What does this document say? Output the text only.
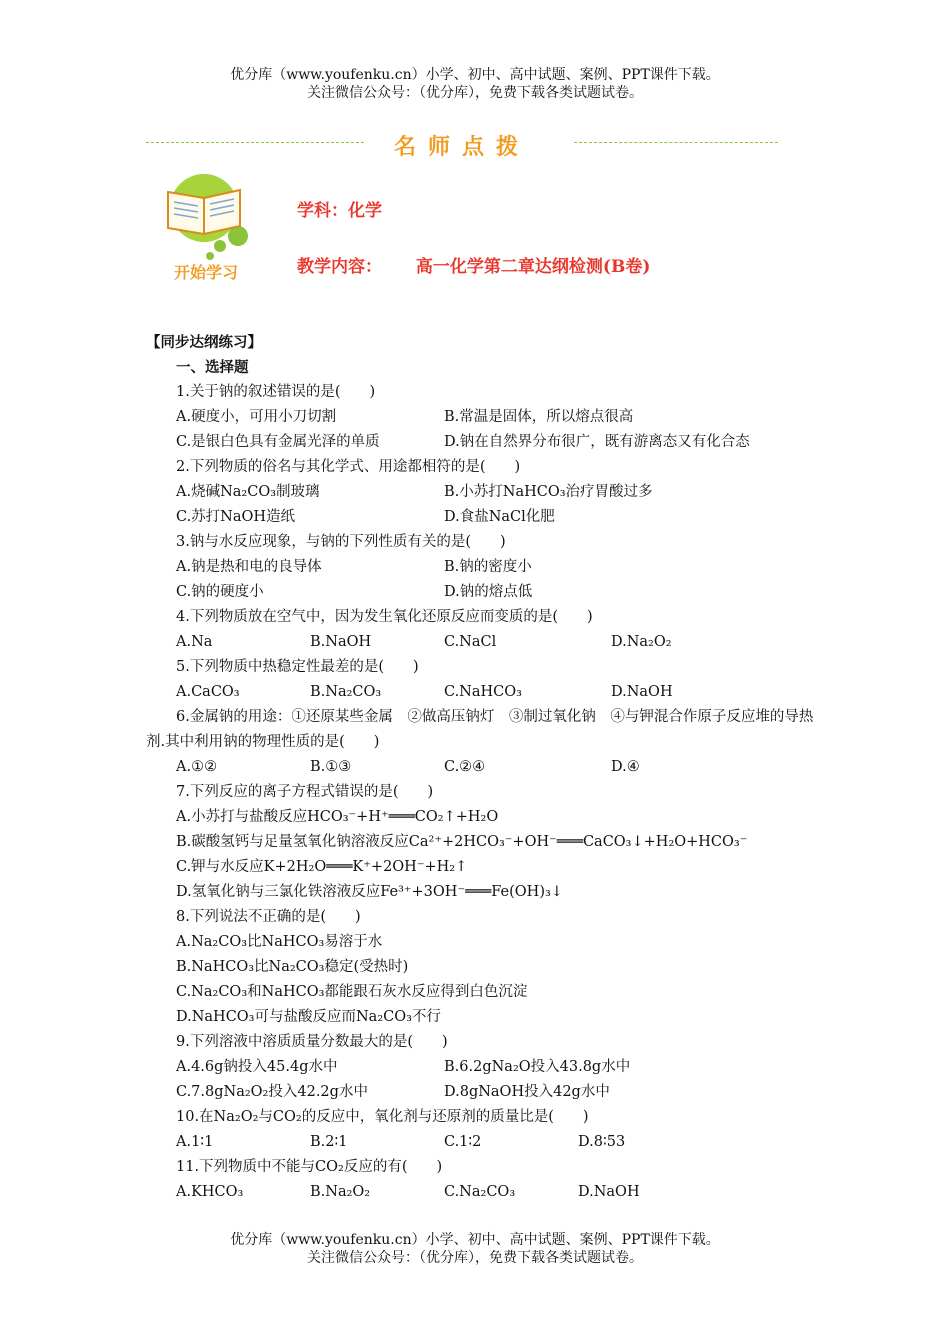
优分库（www.youfenku.cn）小学、初中、高中试题、案例、PPT课件下载。
关注微信公众号：（优分库），免费下载各类试题试卷。
名师点拨
开始学习
学科：化学
教学内容： 高一化学第二章达纲检测(B卷)
【同步达纲练习】
一、选择题
1.关于钠的叙述错误的是(　　)
A.硬度小，可用小刀切割	B.常温是固体，所以熔点很高
C.是银白色具有金属光泽的单质	D.钠在自然界分布很广，既有游离态又有化合态
2.下列物质的俗名与其化学式、用途都相符的是(　　)
A.烧碱Na₂CO₃制玻璃	B.小苏打NaHCO₃治疗胃酸过多
C.苏打NaOH造纸	D.食盐NaCl化肥
3.钠与水反应现象，与钠的下列性质有关的是(　　)
A.钠是热和电的良导体	B.钠的密度小
C.钠的硬度小	D.钠的熔点低
4.下列物质放在空气中，因为发生氧化还原反应而变质的是(　　)
A.Na	B.NaOH	C.NaCl	D.Na₂O₂
5.下列物质中热稳定性最差的是(　　)
A.CaCO₃	B.Na₂CO₃	C.NaHCO₃	D.NaOH
6.金属钠的用途：①还原某些金属　②做高压钠灯　③制过氧化钠　④与钾混合作原子反应堆的导热剂.其中利用钠的物理性质的是(　　)
A.①②	B.①③	C.②④	D.④
7.下列反应的离子方程式错误的是(　　)
A.小苏打与盐酸反应HCO₃⁻+H⁺═══CO₂↑+H₂O
B.碳酸氢钙与足量氢氧化钠溶液反应Ca²⁺+2HCO₃⁻+OH⁻═══CaCO₃↓+H₂O+HCO₃⁻
C.钾与水反应K+2H₂O═══K⁺+2OH⁻+H₂↑
D.氢氧化钠与三氯化铁溶液反应Fe³⁺+3OH⁻═══Fe(OH)₃↓
8.下列说法不正确的是(　　)
A.Na₂CO₃比NaHCO₃易溶于水
B.NaHCO₃比Na₂CO₃稳定(受热时)
C.Na₂CO₃和NaHCO₃都能跟石灰水反应得到白色沉淀
D.NaHCO₃可与盐酸反应而Na₂CO₃不行
9.下列溶液中溶质质量分数最大的是(　　)
A.4.6g钠投入45.4g水中	B.6.2gNa₂O投入43.8g水中
C.7.8gNa₂O₂投入42.2g水中	D.8gNaOH投入42g水中
10.在Na₂O₂与CO₂的反应中，氧化剂与还原剂的质量比是(　　)
A.1∶1	B.2∶1	C.1∶2	D.8∶53
11.下列物质中不能与CO₂反应的有(　　)
A.KHCO₃	B.Na₂O₂	C.Na₂CO₃	D.NaOH
优分库（www.youfenku.cn）小学、初中、高中试题、案例、PPT课件下载。
关注微信公众号：（优分库），免费下载各类试题试卷。
